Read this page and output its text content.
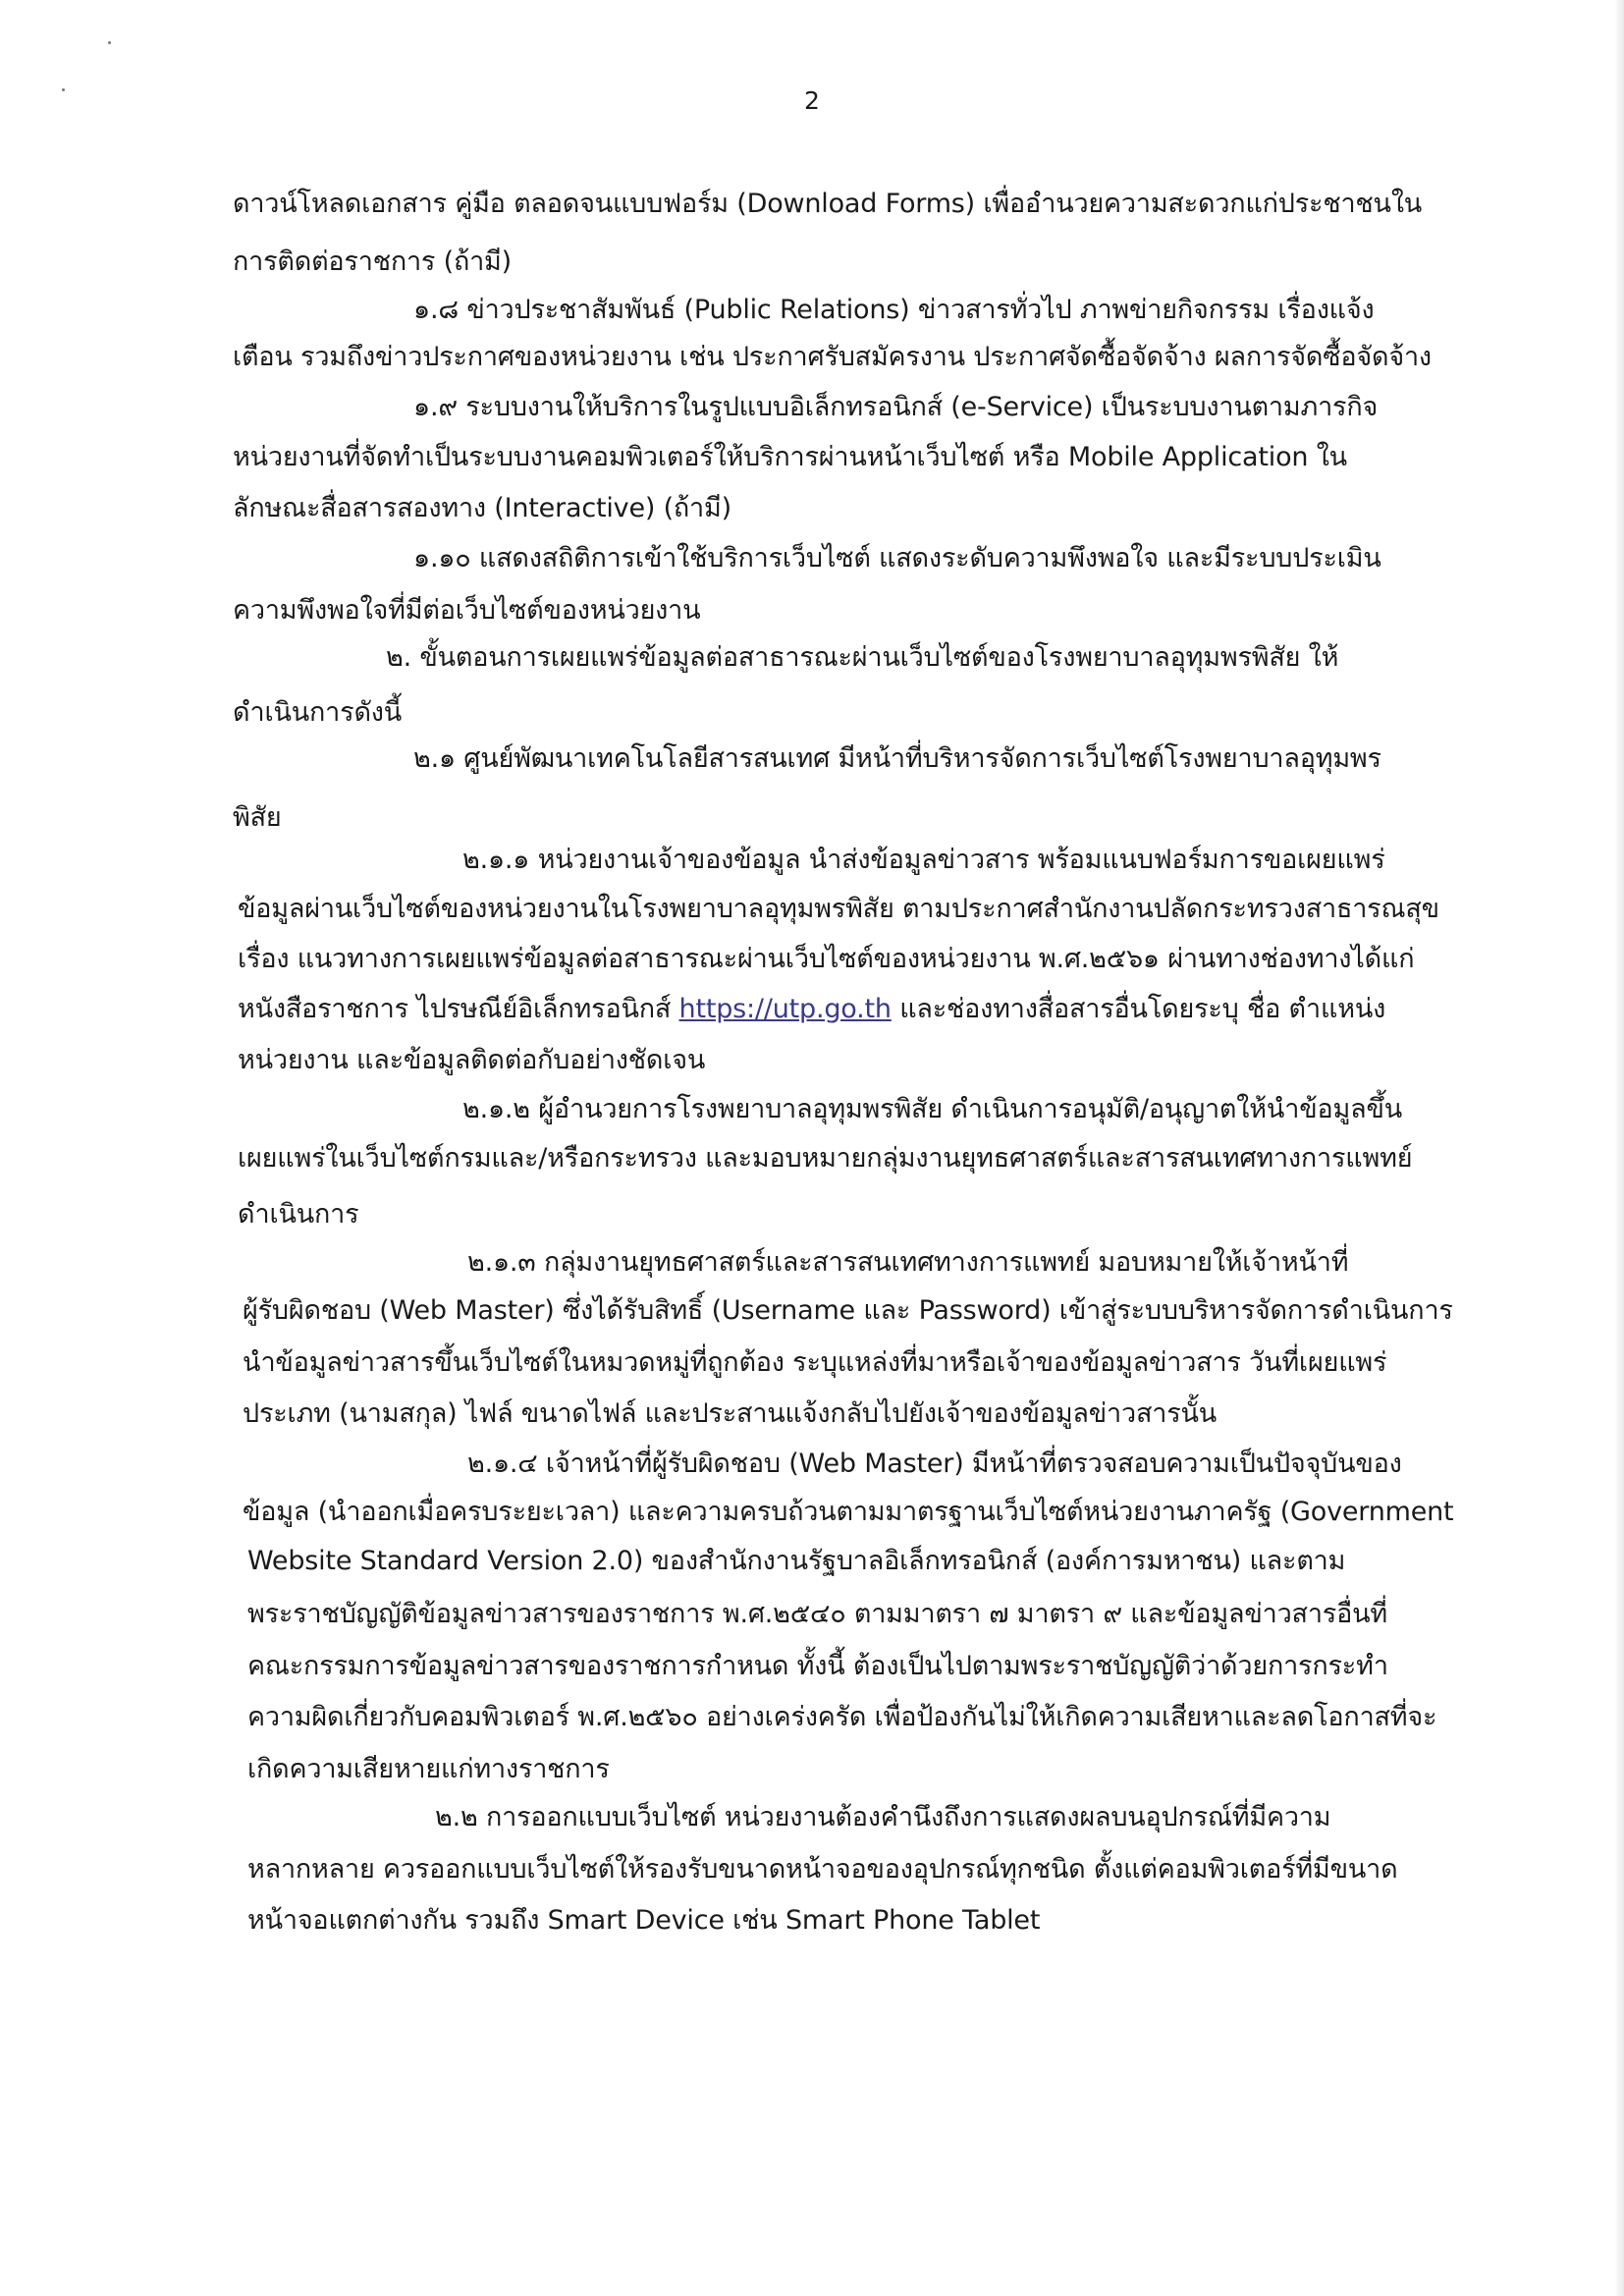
2
ดาวน์โหลดเอกสาร คู่มือ ตลอดจนแบบฟอร์ม (Download Forms) เพื่ออำนวยความสะดวกแก่ประชาชนใน
การติดต่อราชการ (ถ้ามี)
๑.๘ ข่าวประชาสัมพันธ์ (Public Relations) ข่าวสารทั่วไป ภาพข่ายกิจกรรม เรื่องแจ้ง
เตือน รวมถึงข่าวประกาศของหน่วยงาน เช่น ประกาศรับสมัครงาน ประกาศจัดซื้อจัดจ้าง ผลการจัดซื้อจัดจ้าง
๑.๙ ระบบงานให้บริการในรูปแบบอิเล็กทรอนิกส์ (e-Service) เป็นระบบงานตามภารกิจ
หน่วยงานที่จัดทำเป็นระบบงานคอมพิวเตอร์ให้บริการผ่านหน้าเว็บไซต์ หรือ Mobile Application ใน
ลักษณะสื่อสารสองทาง (Interactive) (ถ้ามี)
๑.๑๐ แสดงสถิติการเข้าใช้บริการเว็บไซต์ แสดงระดับความพึงพอใจ และมีระบบประเมิน
ความพึงพอใจที่มีต่อเว็บไซต์ของหน่วยงาน
๒. ขั้นตอนการเผยแพร่ข้อมูลต่อสาธารณะผ่านเว็บไซต์ของโรงพยาบาลอุทุมพรพิสัย ให้
ดำเนินการดังนี้
๒.๑ ศูนย์พัฒนาเทคโนโลยีสารสนเทศ มีหน้าที่บริหารจัดการเว็บไซต์โรงพยาบาลอุทุมพร
พิสัย
๒.๑.๑ หน่วยงานเจ้าของข้อมูล นำส่งข้อมูลข่าวสาร พร้อมแนบฟอร์มการขอเผยแพร่
ข้อมูลผ่านเว็บไซต์ของหน่วยงานในโรงพยาบาลอุทุมพรพิสัย ตามประกาศสำนักงานปลัดกระทรวงสาธารณสุข
เรื่อง แนวทางการเผยแพร่ข้อมูลต่อสาธารณะผ่านเว็บไซต์ของหน่วยงาน พ.ศ.๒๕๖๑ ผ่านทางช่องทางได้แก่
หนังสือราชการ ไปรษณีย์อิเล็กทรอนิกส์ https://utp.go.th และช่องทางสื่อสารอื่นโดยระบุ ชื่อ ตำแหน่ง
หน่วยงาน และข้อมูลติดต่อกับอย่างชัดเจน
๒.๑.๒ ผู้อำนวยการโรงพยาบาลอุทุมพรพิสัย ดำเนินการอนุมัติ/อนุญาตให้นำข้อมูลขึ้น
เผยแพร่ในเว็บไซต์กรมและ/หรือกระทรวง และมอบหมายกลุ่มงานยุทธศาสตร์และสารสนเทศทางการแพทย์
ดำเนินการ
๒.๑.๓ กลุ่มงานยุทธศาสตร์และสารสนเทศทางการแพทย์ มอบหมายให้เจ้าหน้าที่
ผู้รับผิดชอบ (Web Master) ซึ่งได้รับสิทธิ์ (Username และ Password) เข้าสู่ระบบบริหารจัดการดำเนินการ
นำข้อมูลข่าวสารขึ้นเว็บไซต์ในหมวดหมู่ที่ถูกต้อง ระบุแหล่งที่มาหรือเจ้าของข้อมูลข่าวสาร วันที่เผยแพร่
ประเภท (นามสกุล) ไฟล์ ขนาดไฟล์ และประสานแจ้งกลับไปยังเจ้าของข้อมูลข่าวสารนั้น
๒.๑.๔ เจ้าหน้าที่ผู้รับผิดชอบ (Web Master) มีหน้าที่ตรวจสอบความเป็นปัจจุบันของ
ข้อมูล (นำออกเมื่อครบระยะเวลา) และความครบถ้วนตามมาตรฐานเว็บไซต์หน่วยงานภาครัฐ (Government
Website Standard Version 2.0) ของสำนักงานรัฐบาลอิเล็กทรอนิกส์ (องค์การมหาชน) และตาม
พระราชบัญญัติข้อมูลข่าวสารของราชการ พ.ศ.๒๕๔๐ ตามมาตรา ๗ มาตรา ๙ และข้อมูลข่าวสารอื่นที่
คณะกรรมการข้อมูลข่าวสารของราชการกำหนด ทั้งนี้ ต้องเป็นไปตามพระราชบัญญัติว่าด้วยการกระทำ
ความผิดเกี่ยวกับคอมพิวเตอร์ พ.ศ.๒๕๖๐ อย่างเคร่งครัด เพื่อป้องกันไม่ให้เกิดความเสียหาและลดโอกาสที่จะ
เกิดความเสียหายแก่ทางราชการ
๒.๒ การออกแบบเว็บไซต์ หน่วยงานต้องคำนึงถึงการแสดงผลบนอุปกรณ์ที่มีความ
หลากหลาย ควรออกแบบเว็บไซต์ให้รองรับขนาดหน้าจอของอุปกรณ์ทุกชนิด ตั้งแต่คอมพิวเตอร์ที่มีขนาด
หน้าจอแตกต่างกัน รวมถึง Smart Device เช่น Smart Phone Tablet
